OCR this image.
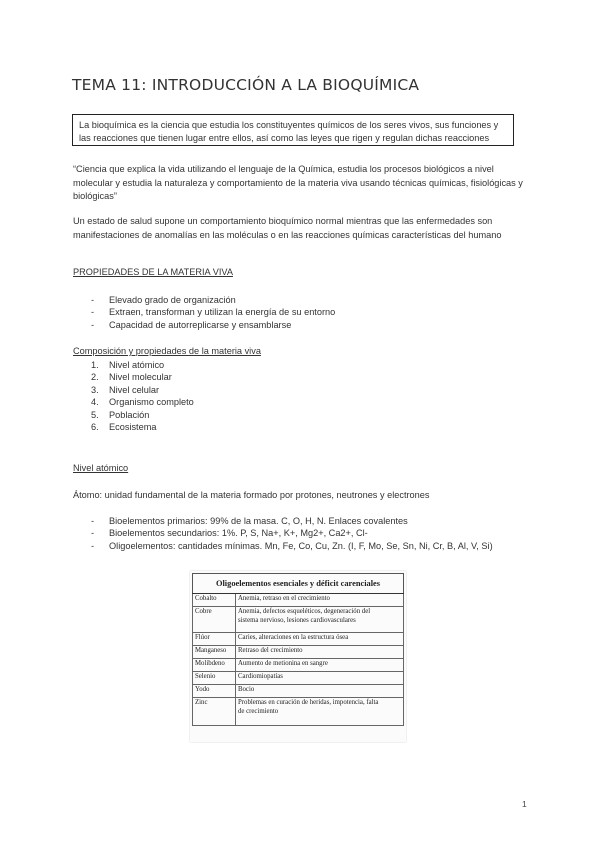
TEMA 11: INTRODUCCIÓN A LA BIOQUÍMICA
La bioquímica es la ciencia que estudia los constituyentes químicos de los seres vivos, sus funciones y las reacciones que tienen lugar entre ellos, así como las leyes que rigen y regulan dichas reacciones
“Ciencia que explica la vida utilizando el lenguaje de la Química, estudia los procesos biológicos a nivel molecular y estudia la naturaleza y comportamiento de la materia viva usando técnicas químicas, fisiológicas y biológicas”
Un estado de salud supone un comportamiento bioquímico normal mientras que las enfermedades son manifestaciones de anomalías en las moléculas o en las reacciones químicas características del humano
PROPIEDADES DE LA MATERIA VIVA
- Elevado grado de organización
- Extraen, transforman y utilizan la energía de su entorno
- Capacidad de autorreplicarse y ensamblarse
Composición y propiedades de la materia viva
1. Nivel atómico
2. Nivel molecular
3. Nivel celular
4. Organismo completo
5. Población
6. Ecosistema
Nivel atómico
Átomo: unidad fundamental de la materia formado por protones, neutrones y electrones
- Bioelementos primarios: 99% de la masa. C, O, H, N. Enlaces covalentes
- Bioelementos secundarios: 1%. P, S, Na+, K+, Mg2+, Ca2+, Cl-
- Oligoelementos: cantidades mínimas. Mn, Fe, Co, Cu, Zn. (I, F, Mo, Se, Sn, Ni, Cr, B, Al, V, Si)
Oligoelementos esenciales y déficit carenciales	
Cobalto	Anemia, retraso en el crecimiento
Cobre	Anemia, defectos esqueléticos, degeneración del
sistema nervioso, lesiones cardiovasculares

Flúor	Caries, alteraciones en la estructura ósea
Manganeso	Retraso del crecimiento
Molibdeno	Aumento de metionina en sangre
Selenio	Cardiomiopatías
Yodo	Bocio
Zinc	Problemas en curación de heridas, impotencia, falta
de crecimiento
1
